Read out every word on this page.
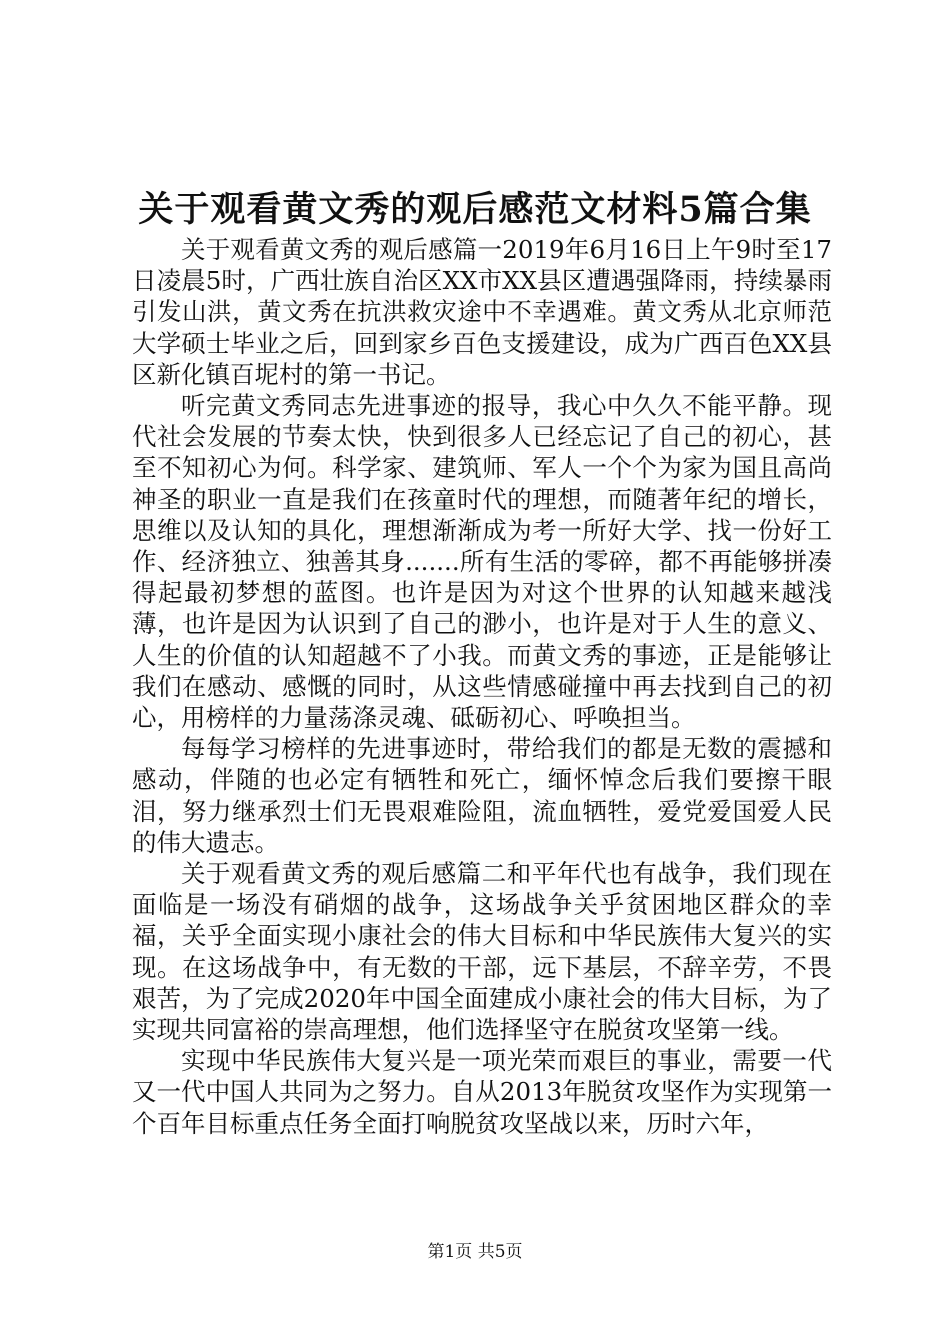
关于观看黄文秀的观后感范文材料5篇合集

关于观看黄文秀的观后感篇一2019年6月16日上午9时至17日凌晨5时，广西壮族自治区XX市XX县区遭遇强降雨，持续暴雨引发山洪，黄文秀在抗洪救灾途中不幸遇难。黄文秀从北京师范大学硕士毕业之后，回到家乡百色支援建设，成为广西百色XX县区新化镇百坭村的第一书记。

听完黄文秀同志先进事迹的报导，我心中久久不能平静。现代社会发展的节奏太快，快到很多人已经忘记了自己的初心，甚至不知初心为何。科学家、建筑师、军人一个个为家为国且高尚神圣的职业一直是我们在孩童时代的理想，而随著年纪的增长，思维以及认知的具化，理想渐渐成为考一所好大学、找一份好工作、经济独立、独善其身.......所有生活的零碎，都不再能够拼凑得起最初梦想的蓝图。也许是因为对这个世界的认知越来越浅薄，也许是因为认识到了自己的渺小，也许是对于人生的意义、人生的价值的认知超越不了小我。而黄文秀的事迹，正是能够让我们在感动、感慨的同时，从这些情感碰撞中再去找到自己的初心，用榜样的力量荡涤灵魂、砥砺初心、呼唤担当。

每每学习榜样的先进事迹时，带给我们的都是无数的震撼和感动，伴随的也必定有牺牲和死亡，缅怀悼念后我们要擦干眼泪，努力继承烈士们无畏艰难险阻，流血牺牲，爱党爱国爱人民的伟大遗志。

关于观看黄文秀的观后感篇二和平年代也有战争，我们现在面临是一场没有硝烟的战争，这场战争关乎贫困地区群众的幸福，关乎全面实现小康社会的伟大目标和中华民族伟大复兴的实现。在这场战争中，有无数的干部，远下基层，不辞辛劳，不畏艰苦，为了完成2020年中国全面建成小康社会的伟大目标，为了实现共同富裕的崇高理想，他们选择坚守在脱贫攻坚第一线。

实现中华民族伟大复兴是一项光荣而艰巨的事业，需要一代又一代中国人共同为之努力。自从2013年脱贫攻坚作为实现第一个百年目标重点任务全面打响脱贫攻坚战以来，历时六年，

第1页 共5页
